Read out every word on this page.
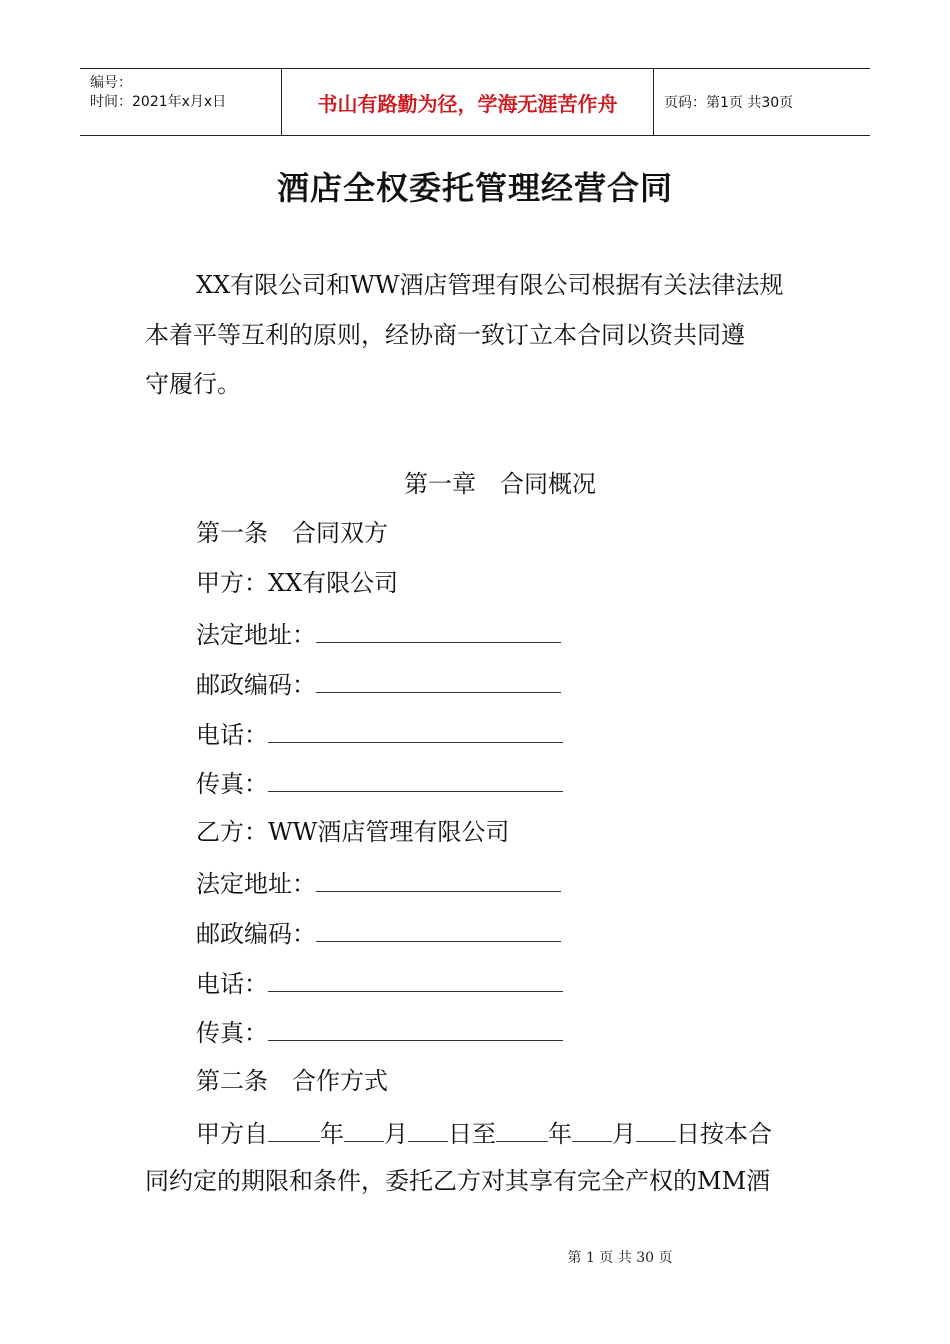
编号：
时间：2021年x月x日	书山有路勤为径，学海无涯苦作舟	页码：第1页 共30页
酒店全权委托管理经营合同
XX有限公司和WW酒店管理有限公司根据有关法律法规
本着平等互利的原则，经协商一致订立本合同以资共同遵
守履行。
第一章　合同概况
第一条　合同双方
甲方：XX有限公司
法定地址：
邮政编码：
电话：
传真：
乙方：WW酒店管理有限公司
法定地址：
邮政编码：
电话：
传真：
第二条　合作方式
甲方自 年 月 日至 年 月 日按本合
同约定的期限和条件，委托乙方对其享有完全产权的MM酒
第 1 页 共 30 页
